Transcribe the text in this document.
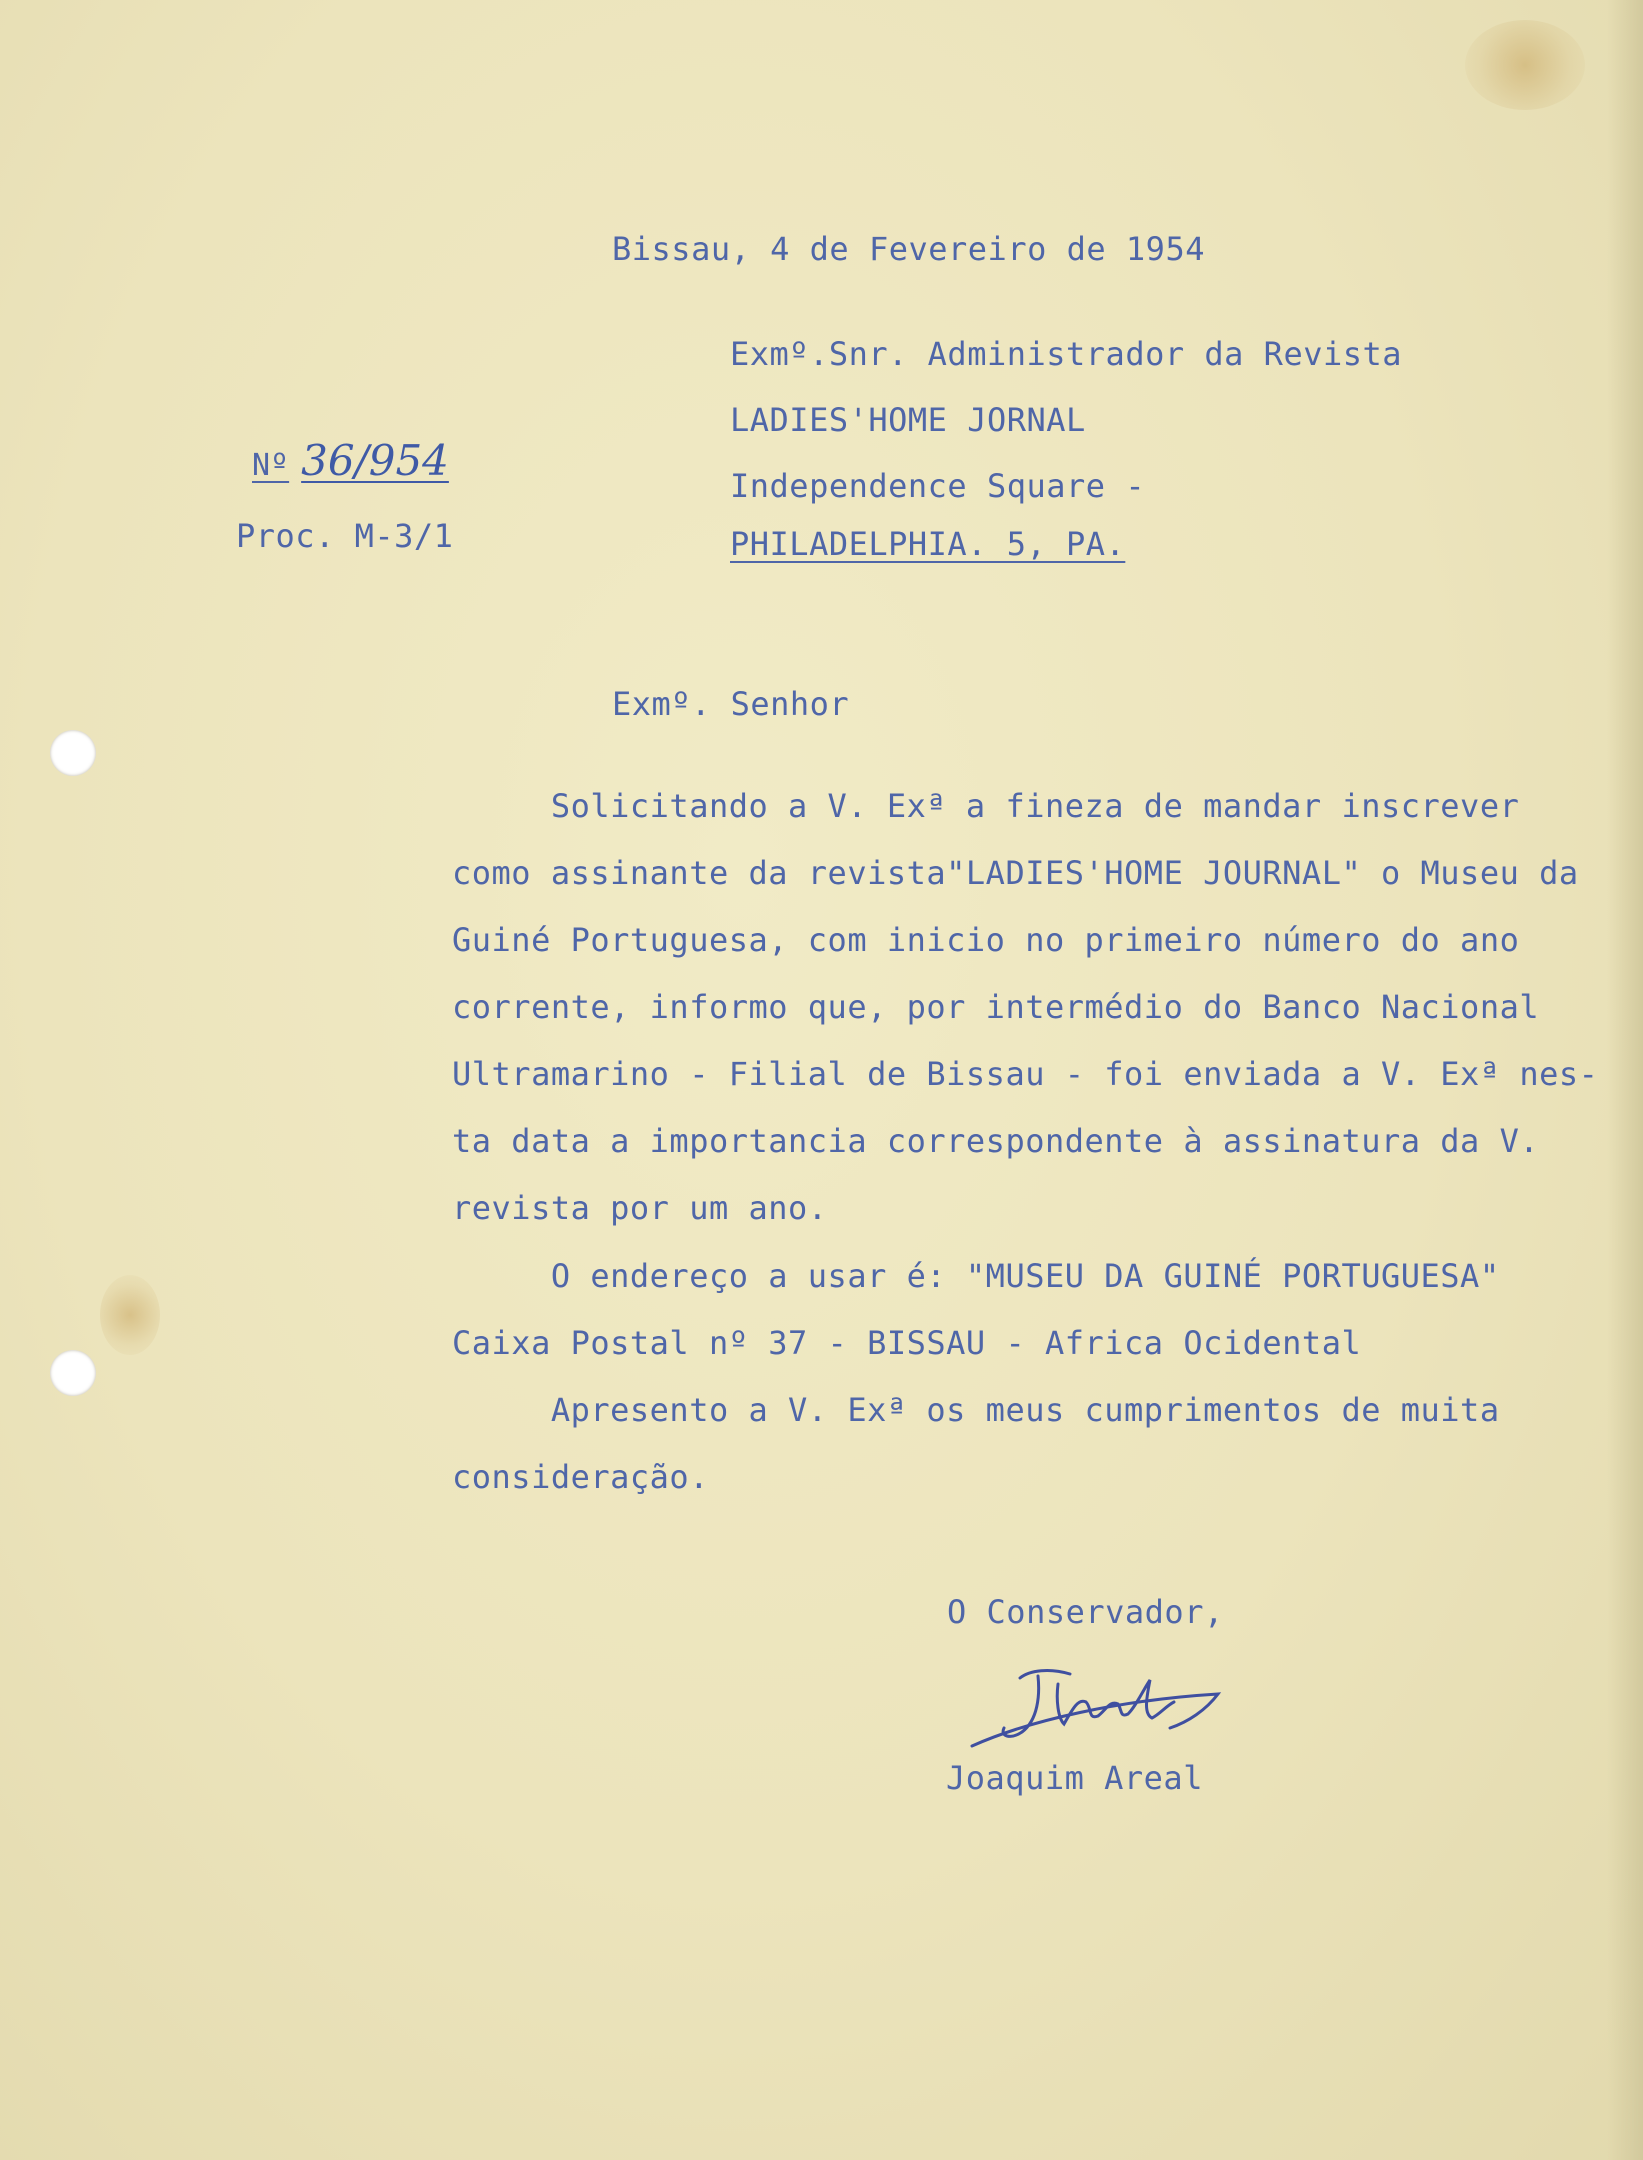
Bissau, 4 de Fevereiro de 1954
Exmº.Snr. Administrador da Revista
LADIES'HOME JORNAL
Independence Square -
PHILADELPHIA. 5, PA.
Nº 36/954
Proc. M-3/1
Exmº. Senhor
Solicitando a V. Exª a fineza de mandar inscrever
como assinante da revista"LADIES'HOME JOURNAL" o Museu da
Guiné Portuguesa, com inicio no primeiro número do ano
corrente, informo que, por intermédio do Banco Nacional
Ultramarino - Filial de Bissau - foi enviada a V. Exª nes-
ta data a importancia correspondente à assinatura da V.
revista por um ano.
O endereço a usar é: "MUSEU DA GUINÉ PORTUGUESA"
Caixa Postal nº 37 - BISSAU - Africa Ocidental
Apresento a V. Exª os meus cumprimentos de muita
consideração.
O Conservador,
Joaquim Areal
